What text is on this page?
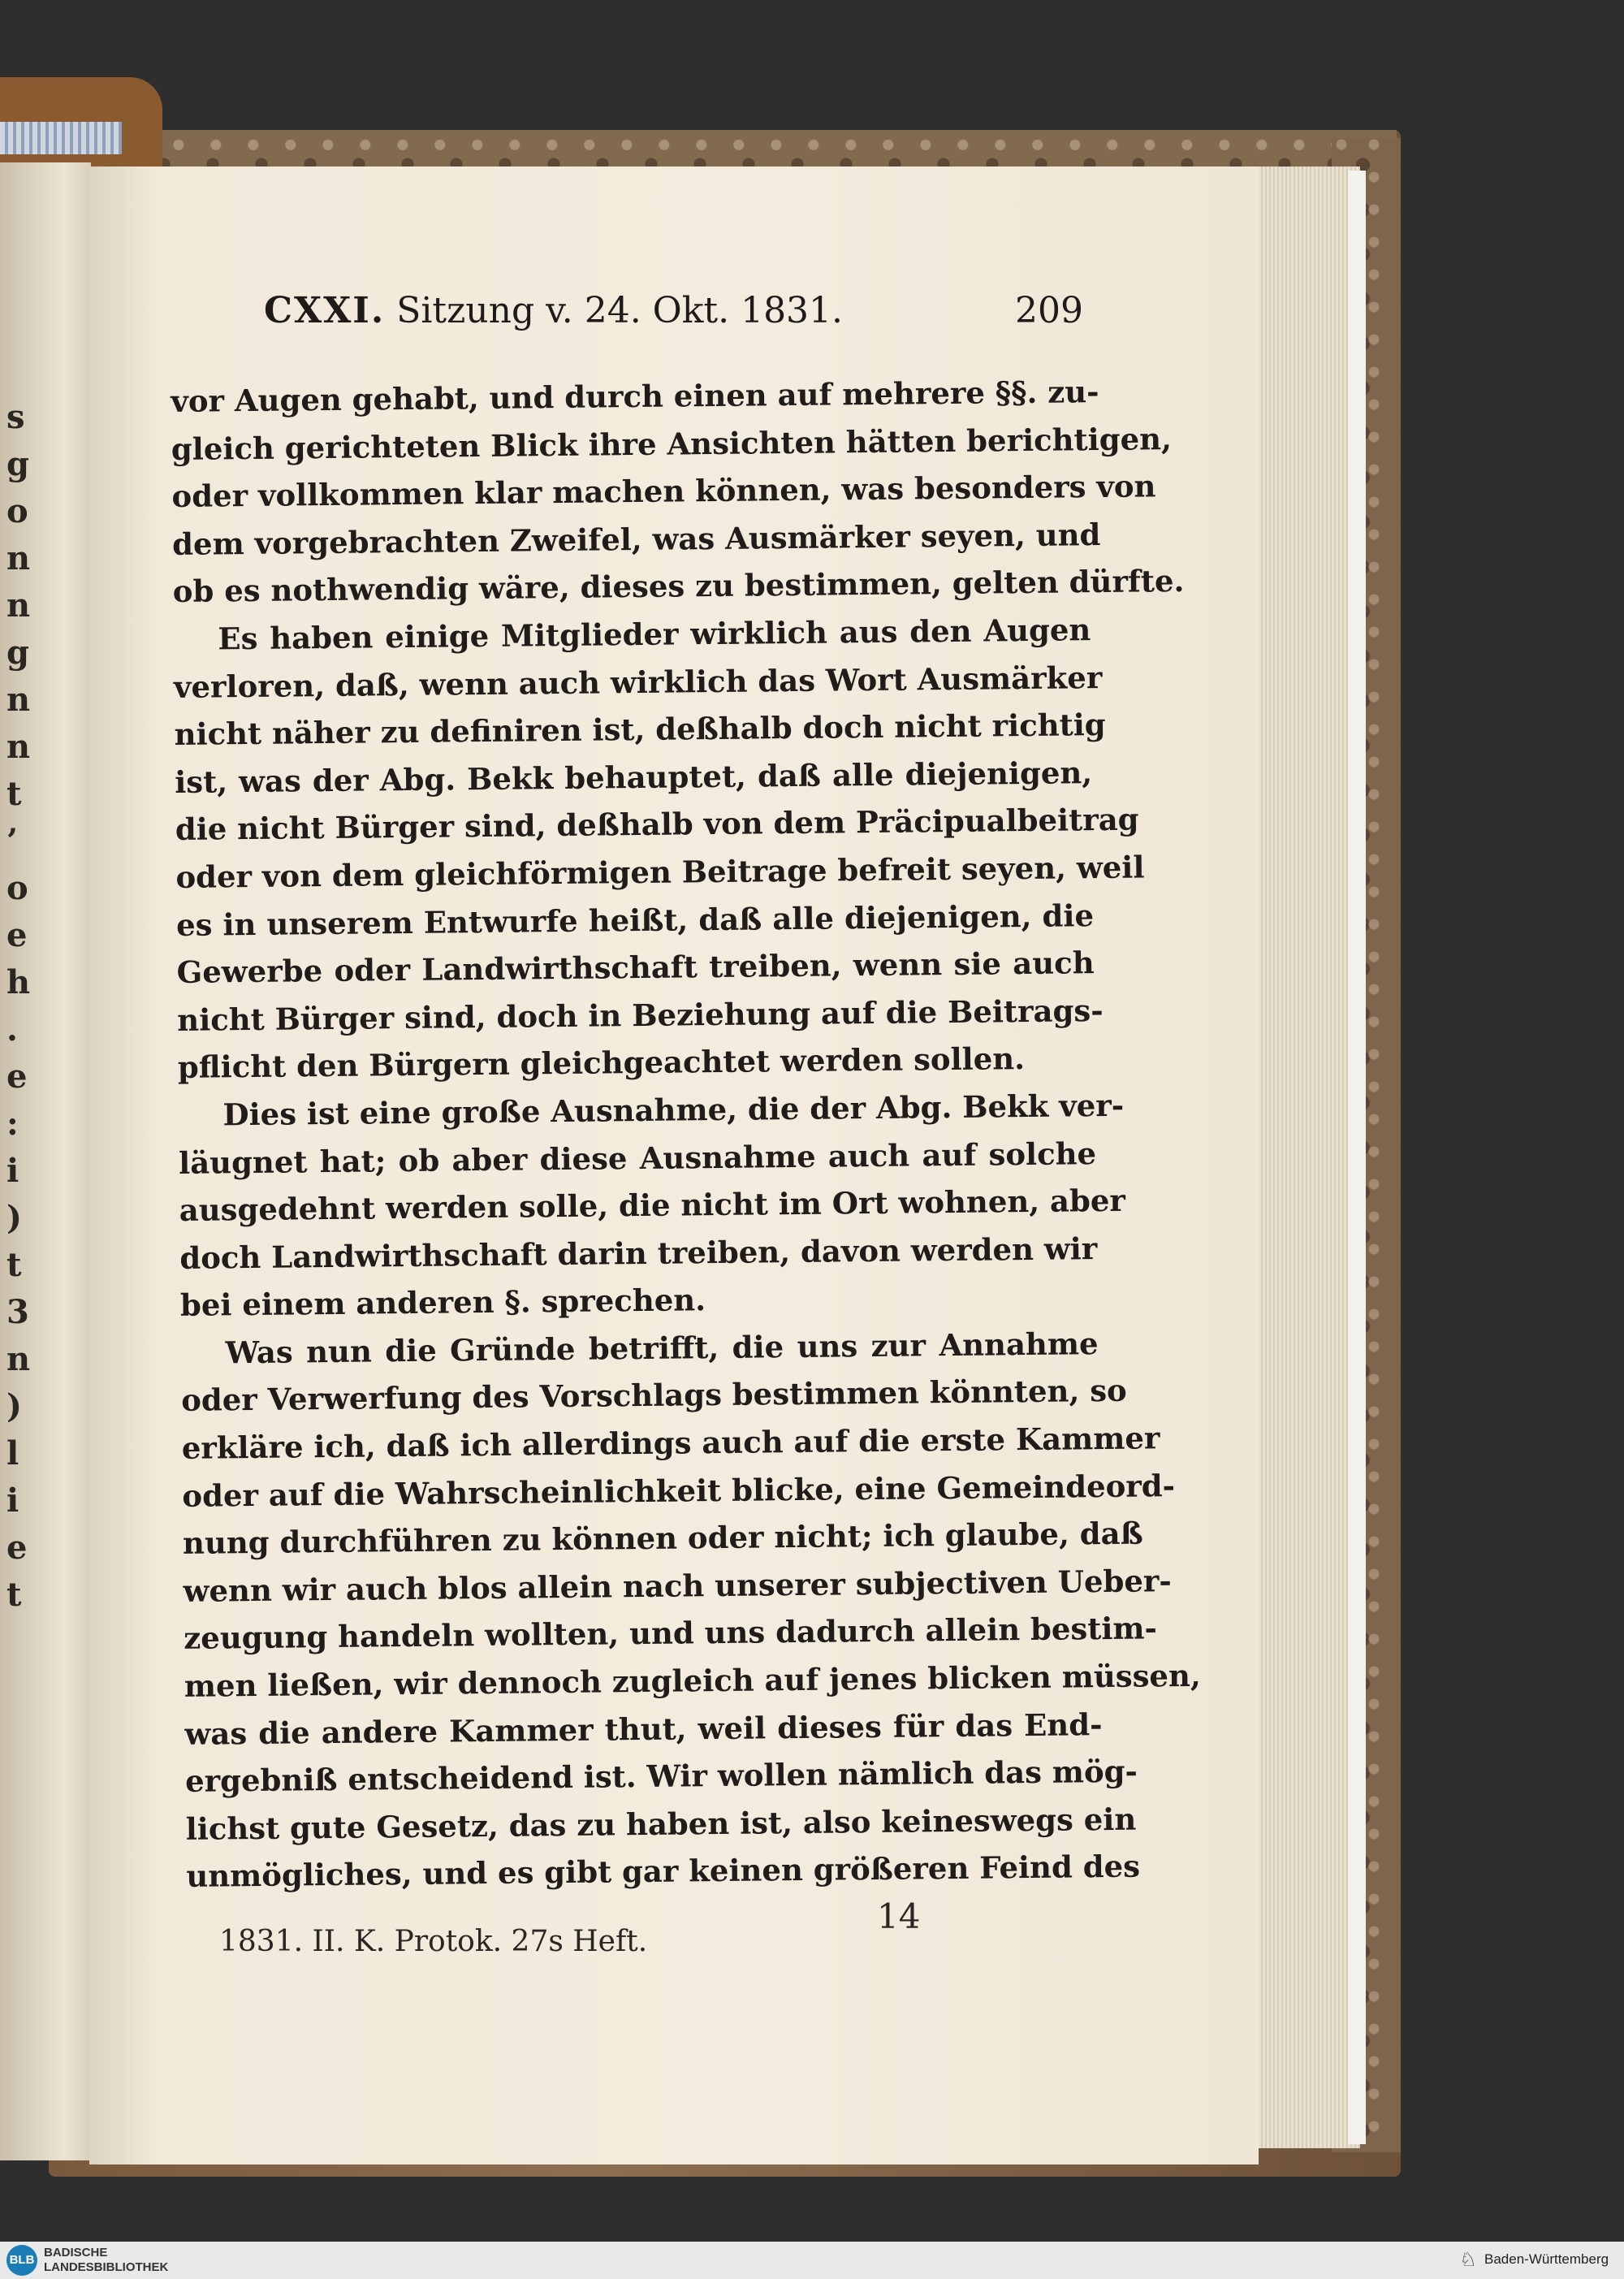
s
g
o
n
n
g
n
n
t
’
o
e
h
.
e
:
i
)
t
3
n
)
l
i
e
t
CXXI. Sitzung v. 24. Okt. 1831.	209
vor Augen gehabt, und durch einen auf mehrere §§. zu-
gleich gerichteten Blick ihre Ansichten hätten berichtigen,
oder vollkommen klar machen können, was besonders von
dem vorgebrachten Zweifel, was Ausmärker seyen, und
ob es nothwendig wäre, dieses zu bestimmen, gelten dürfte.
Es haben einige Mitglieder wirklich aus den Augen
verloren, daß, wenn auch wirklich das Wort Ausmärker
nicht näher zu definiren ist, deßhalb doch nicht richtig
ist, was der Abg. Bekk behauptet, daß alle diejenigen,
die nicht Bürger sind, deßhalb von dem Präcipualbeitrag
oder von dem gleichförmigen Beitrage befreit seyen, weil
es in unserem Entwurfe heißt, daß alle diejenigen, die
Gewerbe oder Landwirthschaft treiben, wenn sie auch
nicht Bürger sind, doch in Beziehung auf die Beitrags-
pflicht den Bürgern gleichgeachtet werden sollen.
Dies ist eine große Ausnahme, die der Abg. Bekk ver-
läugnet hat; ob aber diese Ausnahme auch auf solche
ausgedehnt werden solle, die nicht im Ort wohnen, aber
doch Landwirthschaft darin treiben, davon werden wir
bei einem anderen §. sprechen.
Was nun die Gründe betrifft, die uns zur Annahme
oder Verwerfung des Vorschlags bestimmen könnten, so
erkläre ich, daß ich allerdings auch auf die erste Kammer
oder auf die Wahrscheinlichkeit blicke, eine Gemeindeord-
nung durchführen zu können oder nicht; ich glaube, daß
wenn wir auch blos allein nach unserer subjectiven Ueber-
zeugung handeln wollten, und uns dadurch allein bestim-
men ließen, wir dennoch zugleich auf jenes blicken müssen,
was die andere Kammer thut, weil dieses für das End-
ergebniß entscheidend ist. Wir wollen nämlich das mög-
lichst gute Gesetz, das zu haben ist, also keineswegs ein
unmögliches, und es gibt gar keinen größeren Feind des
1831. II. K. Protok. 27s Heft.
14
BLB
BADISCHE
LANDESBIBLIOTHEK	♘ Baden-Württemberg
